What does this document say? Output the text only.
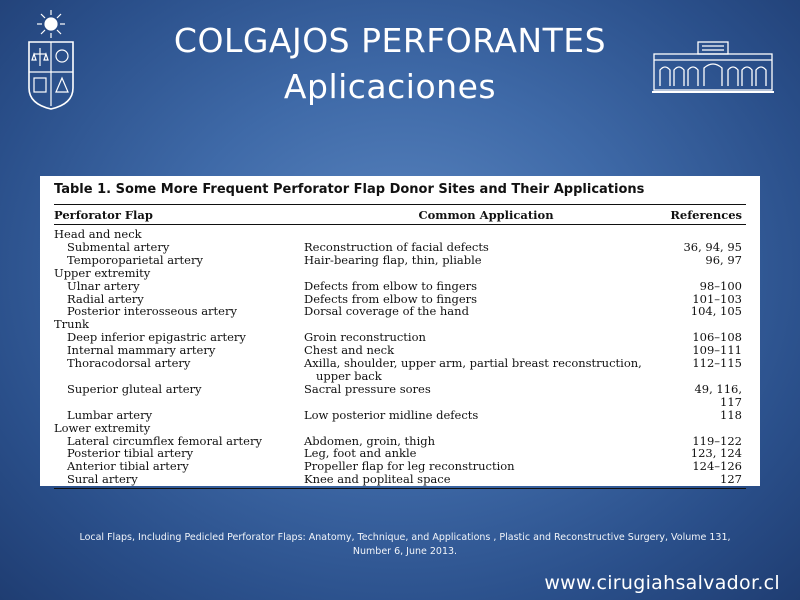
COLGAJOS PERFORANTES
Aplicaciones
Table 1. Some More Frequent Perforator Flap Donor Sites and Their Applications
Perforator Flap	Common Application	References
Head and neck
Submental artery	Reconstruction of facial defects	36, 94, 95
Temporoparietal artery	Hair-bearing flap, thin, pliable	96, 97
Upper extremity
Ulnar artery	Defects from elbow to fingers	98–100
Radial artery	Defects from elbow to fingers	101–103
Posterior interosseous artery	Dorsal coverage of the hand	104, 105
Trunk
Deep inferior epigastric artery	Groin reconstruction	106–108
Internal mammary artery	Chest and neck	109–111
Thoracodorsal artery	Axilla, shoulder, upper arm, partial breast reconstruction,	112–115
upper back
Superior gluteal artery	Sacral pressure sores	49, 116, 117
Lumbar artery	Low posterior midline defects	118
Lower extremity
Lateral circumflex femoral artery	Abdomen, groin, thigh	119–122
Posterior tibial artery	Leg, foot and ankle	123, 124
Anterior tibial artery	Propeller flap for leg reconstruction	124–126
Sural artery	Knee and popliteal space	127
Local Flaps, Including Pedicled Perforator Flaps: Anatomy, Technique, and Applications , Plastic and Reconstructive Surgery, Volume 131,
Number 6, June 2013.
www.cirugiahsalvador.cl
